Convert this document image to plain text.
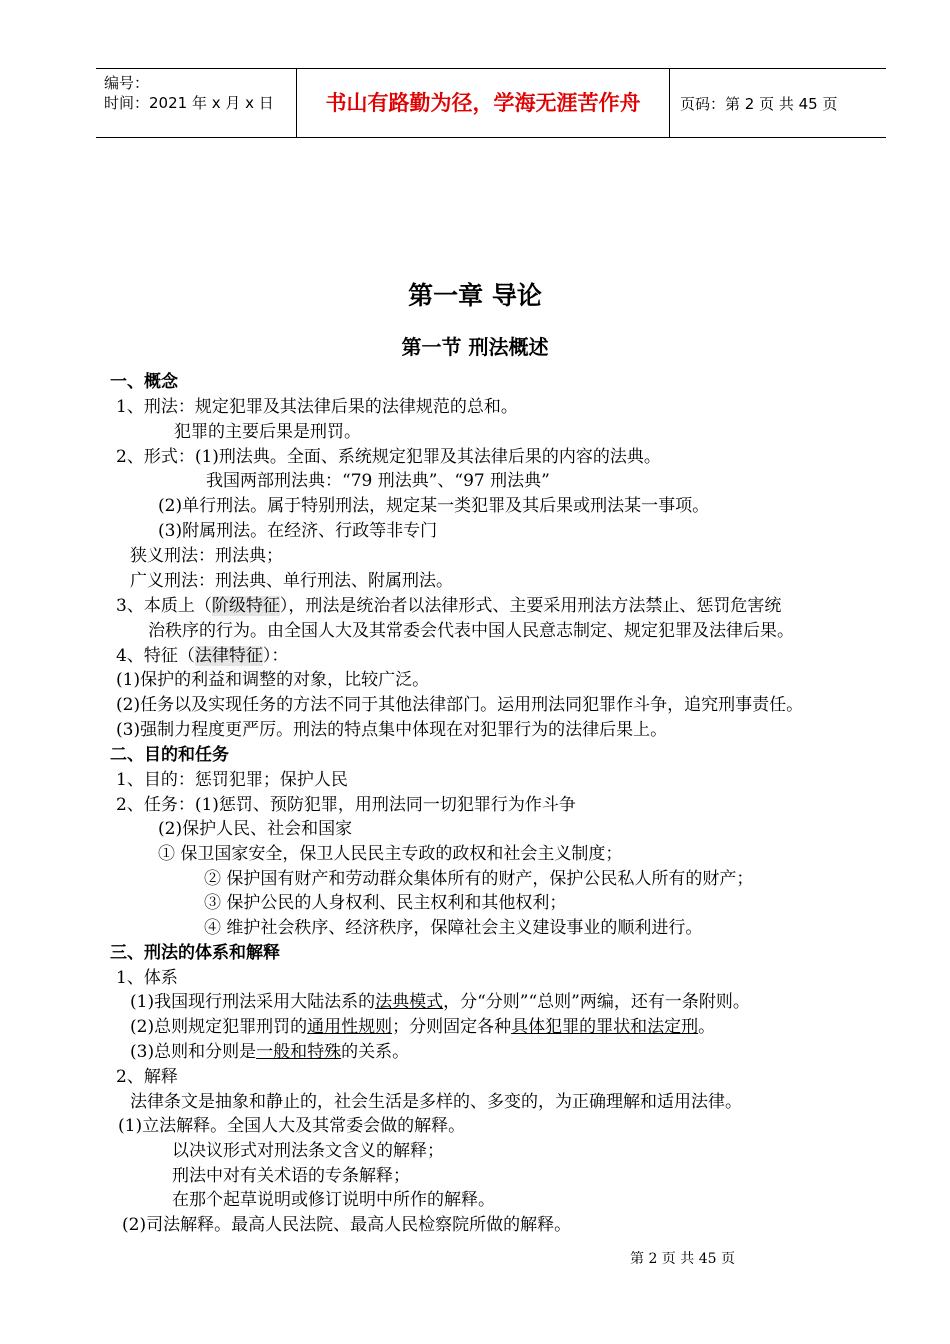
编号：
时间：2021 年 x 月 x 日	书山有路勤为径，学海无涯苦作舟	页码：第 2 页 共 45 页
第一章 导论
第一节 刑法概述
一、概念
1、刑法：规定犯罪及其法律后果的法律规范的总和。
犯罪的主要后果是刑罚。
2、形式：(1)刑法典。全面、系统规定犯罪及其法律后果的内容的法典。
我国两部刑法典：“79 刑法典”、“97 刑法典”
(2)单行刑法。属于特别刑法，规定某一类犯罪及其后果或刑法某一事项。
(3)附属刑法。在经济、行政等非专门
狭义刑法：刑法典；
广义刑法：刑法典、单行刑法、附属刑法。
3、本质上（阶级特征），刑法是统治者以法律形式、主要采用刑法方法禁止、惩罚危害统
治秩序的行为。由全国人大及其常委会代表中国人民意志制定、规定犯罪及法律后果。
4、特征（法律特征）：
(1)保护的利益和调整的对象，比较广泛。
(2)任务以及实现任务的方法不同于其他法律部门。运用刑法同犯罪作斗争，追究刑事责任。
(3)强制力程度更严厉。刑法的特点集中体现在对犯罪行为的法律后果上。
二、目的和任务
1、目的：惩罚犯罪；保护人民
2、任务：(1)惩罚、预防犯罪，用刑法同一切犯罪行为作斗争
(2)保护人民、社会和国家
① 保卫国家安全，保卫人民民主专政的政权和社会主义制度；
② 保护国有财产和劳动群众集体所有的财产，保护公民私人所有的财产；
③ 保护公民的人身权利、民主权利和其他权利；
④ 维护社会秩序、经济秩序，保障社会主义建设事业的顺利进行。
三、刑法的体系和解释
1、体系
(1)我国现行刑法采用大陆法系的法典模式，分“分则”“总则”两编，还有一条附则。
(2)总则规定犯罪刑罚的通用性规则；分则固定各种具体犯罪的罪状和法定刑。
(3)总则和分则是一般和特殊的关系。
2、解释
法律条文是抽象和静止的，社会生活是多样的、多变的，为正确理解和适用法律。
(1)立法解释。全国人大及其常委会做的解释。
以决议形式对刑法条文含义的解释；
刑法中对有关术语的专条解释；
在那个起草说明或修订说明中所作的解释。
(2)司法解释。最高人民法院、最高人民检察院所做的解释。
第 2 页 共 45 页
